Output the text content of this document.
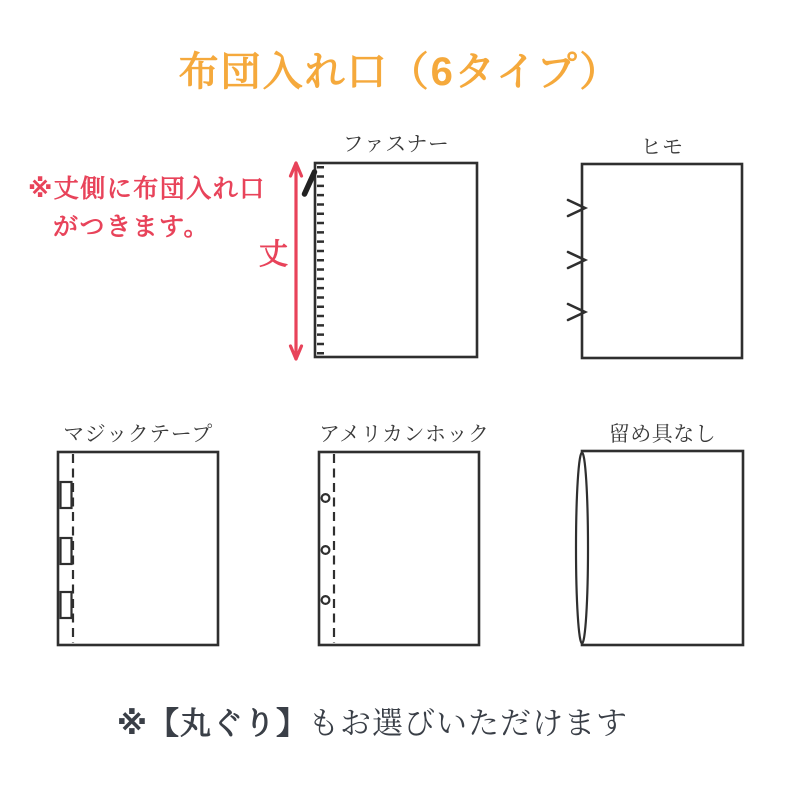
布団入れ口（6タイプ）
※丈側に布団入れ口
がつきます。
丈
ファスナー	ヒモ
マジックテープ	アメリカンホック	留め具なし
※【丸ぐり】もお選びいただけます
